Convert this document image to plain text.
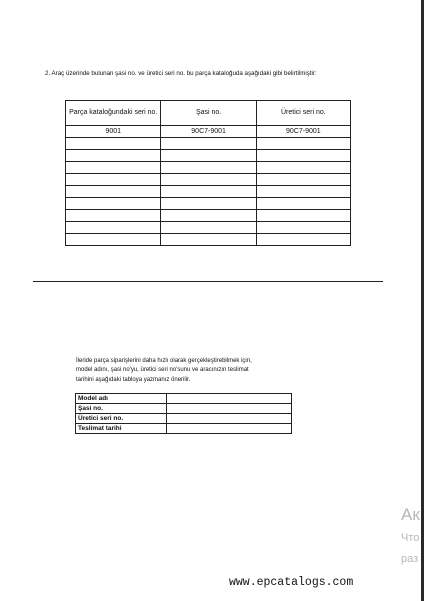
2. Araç üzerinde bulunan şasi no. ve üretici seri no. bu parça kataloğuda aşağıdaki gibi belirtilmiştir:
Parça kataloğundaki seri no.	Şasi no.	Üretici seri no.
9001	90C7-9001	90C7-9001

İleride parça siparişlerini daha hızlı olarak gerçekleştirebilmek için,

model adını, şasi no'yu, üretici seri no'sunu ve aracınızın teslimat

tarihini aşağıdaki tabloya yazmanız önerilir.

Model adı	
Şasi no.	
Üretici seri no.	
Teslimat tarihi	
Ак
Что
раз
www.epcatalogs.com
